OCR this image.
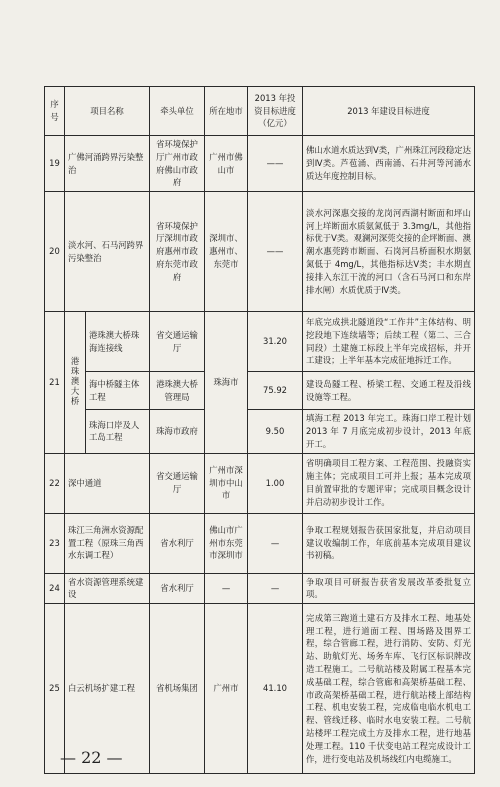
序号	项目名称		牵头单位	所在地市	2013 年投资目标进度（亿元）	2013 年建设目标进度
19	广佛河涌跨界污染整治		省环境保护厅广州市政府佛山市政府	广州市佛山市	——	佛山水道水质达到Ⅴ类，广州珠江河段稳定达到Ⅳ类。芦苞涌、西南涌、石井河等河涌水质达年度控制目标。
20	淡水河、石马河跨界污染整治		省环境保护厅深圳市政府惠州市政府东莞市政府	深圳市、惠州市、东莞市	——	淡水河深惠交接的龙岗河西湖村断面和坪山河上垟断面水质氨氮低于 3.3mg/L，其他指标优于Ⅴ类。观澜河深莞交接的企坪断面、澳潮水惠莞跨市断面、石岗河吕桥面积水期氨氮低于 4mg/L，其他指标达Ⅴ类；丰水期直接排入东江干流的河口（含石马河口和东岸排水闸）水质优质于Ⅳ类。
21	港珠澳大桥	港珠澳大桥珠海连接线	省交通运输厅	珠海市	31.20	年底完成拱北隧道段“工作井”主体结构、明挖段地下连续墙等；后续工程（第二、三合同段）土建施工标段上半年完成招标，并开工建设；上半年基本完成征地拆迁工作。
		海中桥隧主体工程	港珠澳大桥管理局		75.92	建设岛隧工程、桥梁工程、交通工程及沿线设施等工程。
		珠海口岸及人工岛工程	珠海市政府		9.50	填海工程 2013 年完工。珠海口岸工程计划 2013 年 7 月底完成初步设计，2013 年底开工。
22	深中通道		省交通运输厅	广州市深圳市中山市	1.00	省明确项目工程方案、工程范围、投融资实施主体；完成项目工可并上报；基本完成项目前置审批的专题评审；完成项目概念设计并启动初步设计工作。
23	珠江三角洲水资源配置工程（原珠三角西水东调工程）		省水利厅	佛山市广州市东莞市深圳市	—	争取工程规划报告获国家批复，并启动项目建议收编制工作，年底前基本完成项目建议书初稿。
24	省水资源管理系统建设		省水利厅	—	—	争取项目可研报告获省发展改革委批复立项。
25	白云机场扩建工程		省机场集团	广州市	41.10	完成第三跑道土建石方及排水工程、地基处理工程，进行道面工程、围场路及围界工程，综合管廊工程，进行消防、安防、灯光站、助航灯光、场务车库、飞行区标识牌改造工程施工。二号航站楼及附属工程基本完成基础工程，综合管廊和高架桥基础工程、市政高架桥基础工程，进行航站楼上部结构工程、机电安装工程，完成临电临水机电工程、管线迁移、临时水电安装工程。二号航站楼坪工程完成土方及排水工程，进行地基处理工程。110 千伏变电站工程完成设计工作，进行变电站及机场线红内电缆施工。
— 22 —
